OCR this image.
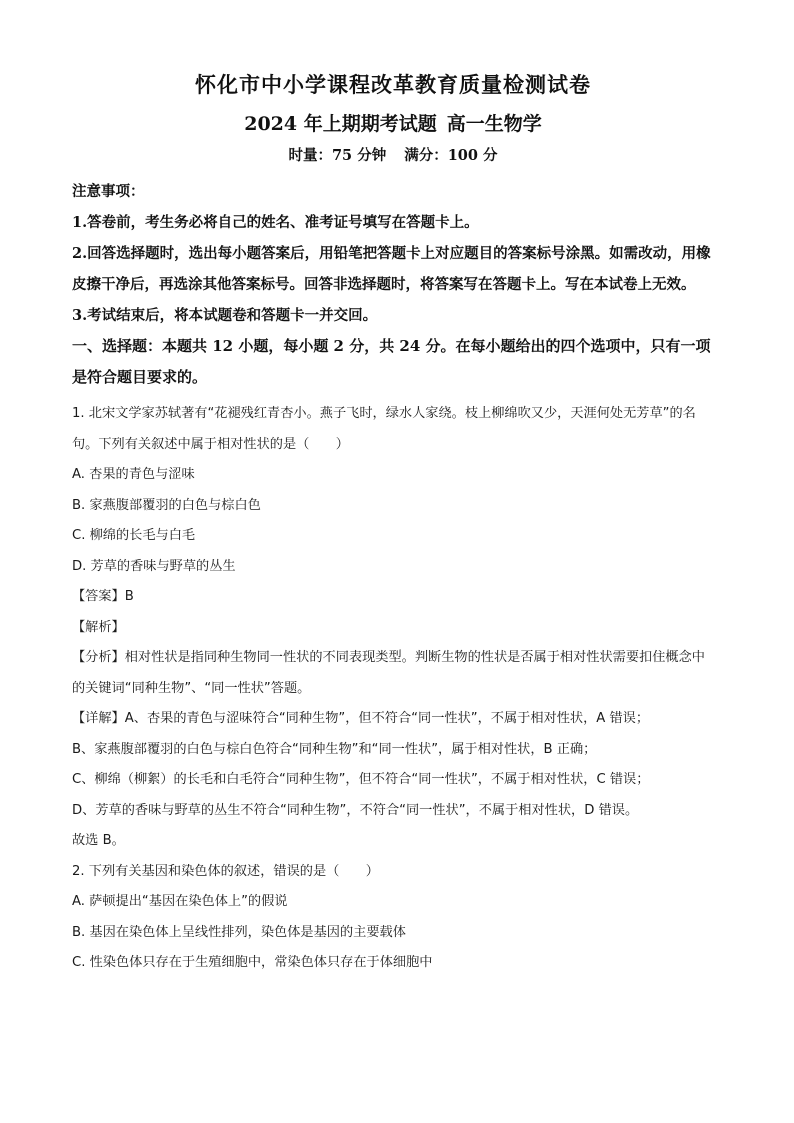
怀化市中小学课程改革教育质量检测试卷
2024 年上期期考试题 高一生物学

时量：75 分钟 满分：100 分

注意事项：

1.答卷前，考生务必将自己的姓名、准考证号填写在答题卡上。

2.回答选择题时，选出每小题答案后，用铅笔把答题卡上对应题目的答案标号涂黑。如需改动，用橡皮擦干净后，再选涂其他答案标号。回答非选择题时，将答案写在答题卡上。写在本试卷上无效。

3.考试结束后，将本试题卷和答题卡一并交回。

一、选择题：本题共 12 小题，每小题 2 分，共 24 分。在每小题给出的四个选项中，只有一项是符合题目要求的。

1. 北宋文学家苏轼著有“花褪残红青杏小。燕子飞时，绿水人家绕。枝上柳绵吹又少，天涯何处无芳草”的名句。下列有关叙述中属于相对性状的是（　　）

A. 杏果的青色与涩味

B. 家燕腹部覆羽的白色与棕白色

C. 柳绵的长毛与白毛

D. 芳草的香味与野草的丛生

【答案】B

【解析】

【分析】相对性状是指同种生物同一性状的不同表现类型。判断生物的性状是否属于相对性状需要扣住概念中的关键词“同种生物”、“同一性状”答题。

【详解】A、杏果的青色与涩味符合“同种生物”，但不符合“同一性状”，不属于相对性状，A 错误；

B、家燕腹部覆羽的白色与棕白色符合“同种生物”和“同一性状”，属于相对性状，B 正确；

C、柳绵（柳絮）的长毛和白毛符合“同种生物”，但不符合“同一性状”，不属于相对性状，C 错误；

D、芳草的香味与野草的丛生不符合“同种生物”，不符合“同一性状”，不属于相对性状，D 错误。

故选 B。

2. 下列有关基因和染色体的叙述，错误的是（　　）

A. 萨顿提出“基因在染色体上”的假说

B. 基因在染色体上呈线性排列，染色体是基因的主要载体

C. 性染色体只存在于生殖细胞中，常染色体只存在于体细胞中
